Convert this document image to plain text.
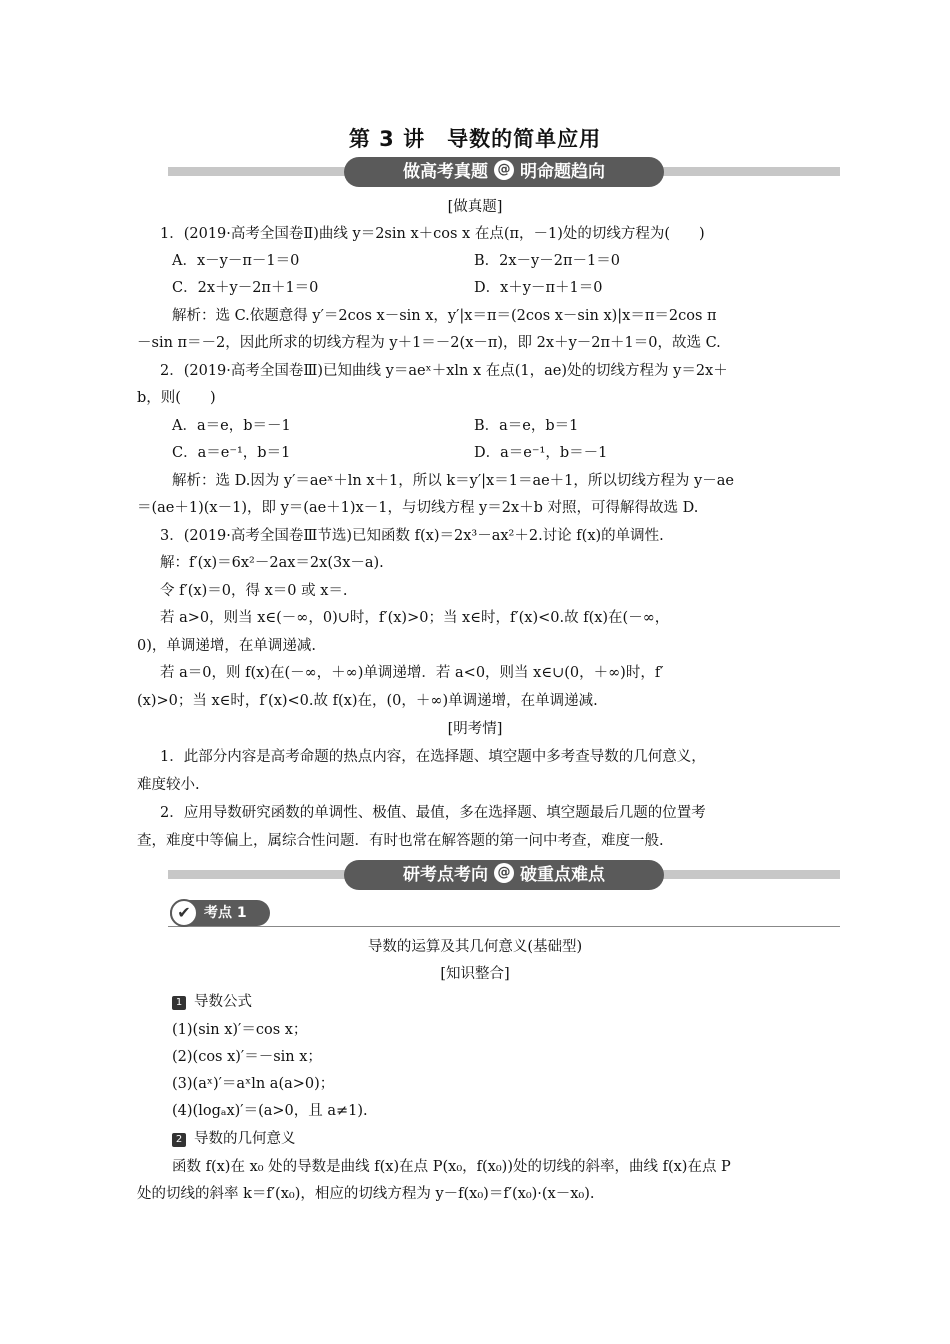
第 3 讲　导数的简单应用
做高考真题 @ 明命题趋向
[做真题]
1．(2019·高考全国卷Ⅱ)曲线 y＝2sin x＋cos x 在点(π，－1)处的切线方程为(　　)
A．x－y－π－1＝0	B．2x－y－2π－1＝0
C．2x＋y－2π＋1＝0	D．x＋y－π＋1＝0
解析：选 C.依题意得 y′＝2cos x－sin x，y′|x＝π＝(2cos x－sin x)|x＝π＝2cos π
－sin π＝－2，因此所求的切线方程为 y＋1＝－2(x－π)，即 2x＋y－2π＋1＝0，故选 C.
2．(2019·高考全国卷Ⅲ)已知曲线 y＝aeˣ＋xln x 在点(1，ae)处的切线方程为 y＝2x＋
b，则(　　)
A．a＝e，b＝－1	B．a＝e，b＝1
C．a＝e⁻¹，b＝1	D．a＝e⁻¹，b＝－1
解析：选 D.因为 y′＝aeˣ＋ln x＋1，所以 k＝y′|x＝1＝ae＋1，所以切线方程为 y－ae
＝(ae＋1)(x－1)，即 y＝(ae＋1)x－1，与切线方程 y＝2x＋b 对照，可得解得故选 D.
3．(2019·高考全国卷Ⅲ节选)已知函数 f(x)＝2x³－ax²＋2.讨论 f(x)的单调性.
解：f′(x)＝6x²－2ax＝2x(3x－a).
令 f′(x)＝0，得 x＝0 或 x＝.
若 a>0，则当 x∈(－∞，0)∪时，f′(x)>0；当 x∈时，f′(x)<0.故 f(x)在(－∞，
0)，单调递增，在单调递减.
若 a＝0，则 f(x)在(－∞，＋∞)单调递增．若 a<0，则当 x∈∪(0，＋∞)时，f′
(x)>0；当 x∈时，f′(x)<0.故 f(x)在，(0，＋∞)单调递增，在单调递减.
[明考情]
1．此部分内容是高考命题的热点内容，在选择题、填空题中多考查导数的几何意义，
难度较小.
2．应用导数研究函数的单调性、极值、最值，多在选择题、填空题最后几题的位置考
查，难度中等偏上，属综合性问题．有时也常在解答题的第一问中考查，难度一般.
研考点考向 @ 破重点难点
✔ 考点 1
导数的运算及其几何意义(基础型)
[知识整合]
1 导数公式
(1)(sin x)′＝cos x；
(2)(cos x)′＝－sin x；
(3)(aˣ)′＝aˣln a(a>0)；
(4)(logₐx)′＝(a>0，且 a≠1).
2 导数的几何意义
函数 f(x)在 x₀ 处的导数是曲线 f(x)在点 P(x₀，f(x₀))处的切线的斜率，曲线 f(x)在点 P
处的切线的斜率 k＝f′(x₀)，相应的切线方程为 y－f(x₀)＝f′(x₀)·(x－x₀).
